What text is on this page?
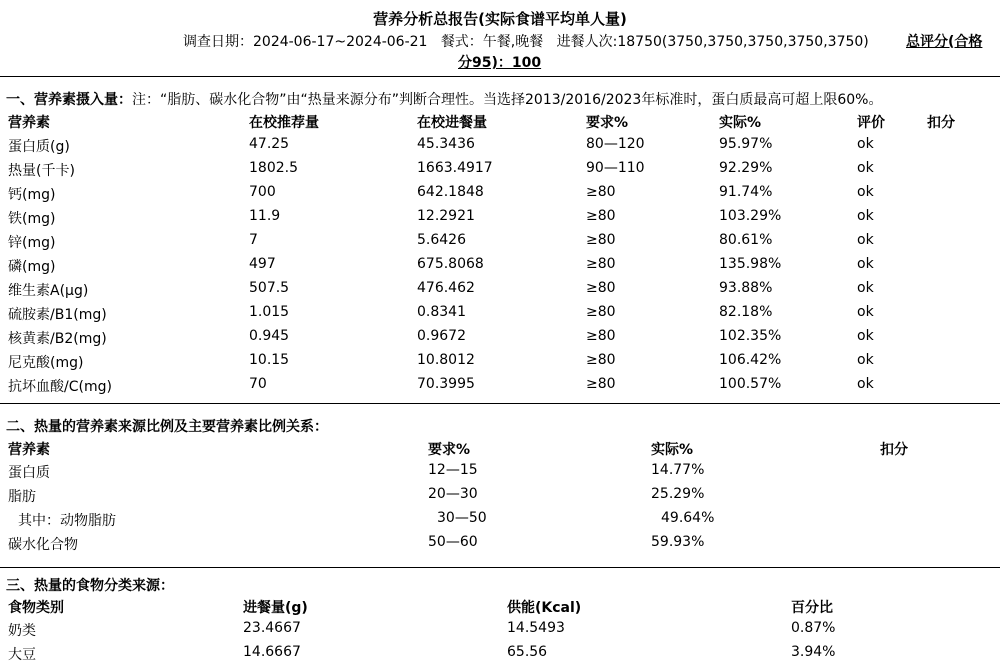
营养分析总报告(实际食谱平均单人量)
调查日期：2024-06-17~2024-06-21 餐式：午餐,晚餐 进餐人次:18750(3750,3750,3750,3750,3750)	总评分(合格
分95)：100
一、营养素摄入量：注：“脂肪、碳水化合物”由“热量来源分布”判断合理性。当选择2013/2016/2023年标准时，蛋白质最高可超上限60%。
营养素	在校推荐量	在校进餐量	要求%	实际%	评价	扣分
蛋白质(g)	47.25	45.3436	80—120	95.97%	ok
热量(千卡)	1802.5	1663.4917	90—110	92.29%	ok
钙(mg)	700	642.1848	≥80	91.74%	ok
铁(mg)	11.9	12.2921	≥80	103.29%	ok
锌(mg)	7	5.6426	≥80	80.61%	ok
磷(mg)	497	675.8068	≥80	135.98%	ok
维生素A(μg)	507.5	476.462	≥80	93.88%	ok
硫胺素/B1(mg)	1.015	0.8341	≥80	82.18%	ok
核黄素/B2(mg)	0.945	0.9672	≥80	102.35%	ok
尼克酸(mg)	10.15	10.8012	≥80	106.42%	ok
抗坏血酸/C(mg)	70	70.3995	≥80	100.57%	ok
二、热量的营养素来源比例及主要营养素比例关系：
营养素	要求%	实际%	扣分
蛋白质	12—15	14.77%
脂肪	20—30	25.29%
其中：动物脂肪	30—50	49.64%
碳水化合物	50—60	59.93%
三、热量的食物分类来源：
食物类别	进餐量(g)	供能(Kcal)	百分比
奶类	23.4667	14.5493	0.87%
大豆	14.6667	65.56	3.94%
